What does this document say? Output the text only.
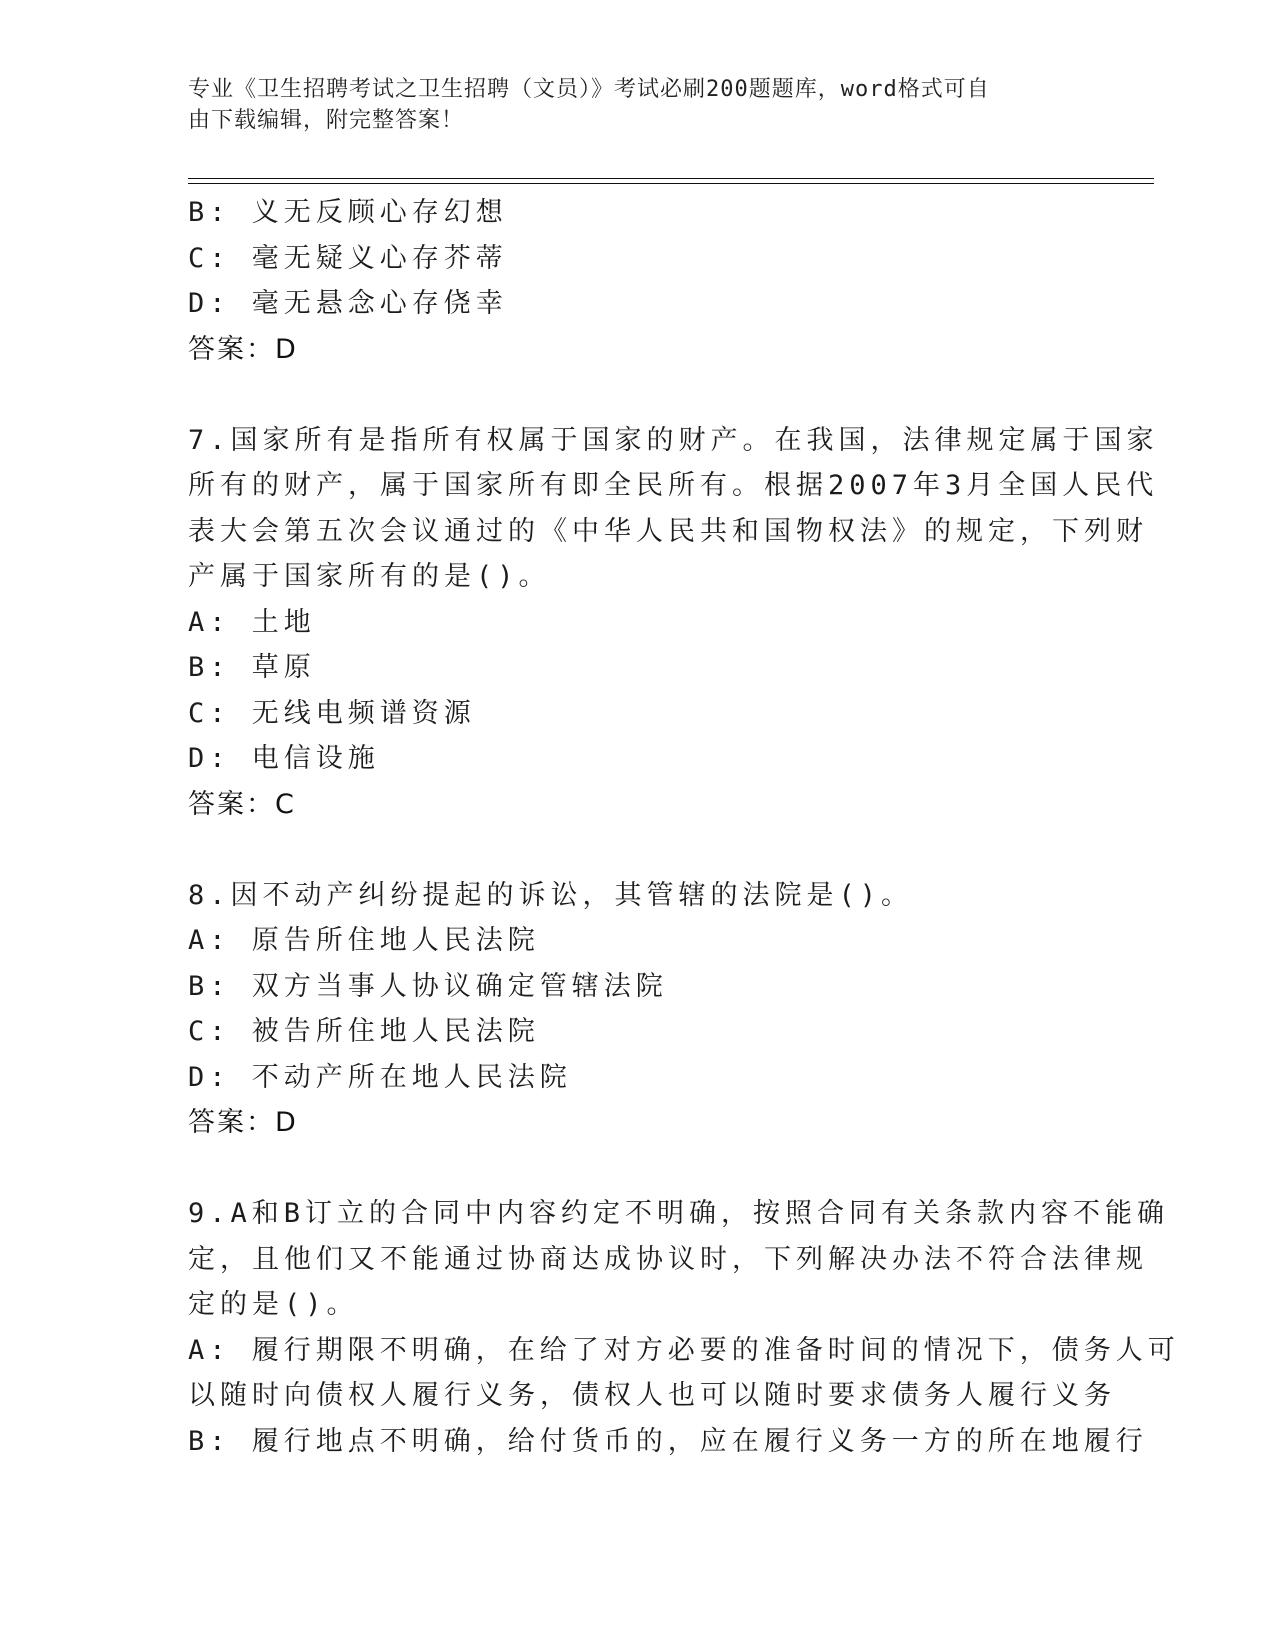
专业《卫生招聘考试之卫生招聘（文员）》考试必刷200题题库，word格式可自
由下载编辑，附完整答案！
B: 义无反顾心存幻想
C: 毫无疑义心存芥蒂
D: 毫无悬念心存侥幸
答案：D
7.国家所有是指所有权属于国家的财产。在我国，法律规定属于国家
所有的财产，属于国家所有即全民所有。根据2007年3月全国人民代
表大会第五次会议通过的《中华人民共和国物权法》的规定，下列财
产属于国家所有的是()。
A: 土地
B: 草原
C: 无线电频谱资源
D: 电信设施
答案：C
8.因不动产纠纷提起的诉讼，其管辖的法院是()。
A: 原告所住地人民法院
B: 双方当事人协议确定管辖法院
C: 被告所住地人民法院
D: 不动产所在地人民法院
答案：D
9.A和B订立的合同中内容约定不明确，按照合同有关条款内容不能确
定，且他们又不能通过协商达成协议时，下列解决办法不符合法律规
定的是()。
A: 履行期限不明确，在给了对方必要的准备时间的情况下，债务人可
以随时向债权人履行义务，债权人也可以随时要求债务人履行义务
B: 履行地点不明确，给付货币的，应在履行义务一方的所在地履行
